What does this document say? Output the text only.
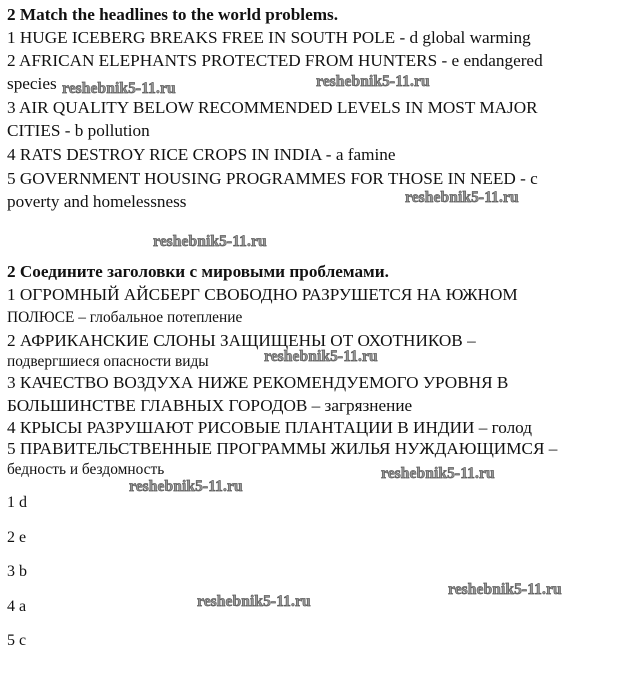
2 Match the headlines to the world problems.
1 HUGE ICEBERG BREAKS FREE IN SOUTH POLE - d global warming
2 AFRICAN ELEPHANTS PROTECTED FROM HUNTERS - e endangered
species
3 AIR QUALITY BELOW RECOMMENDED LEVELS IN MOST MAJOR
CITIES - b pollution
4 RATS DESTROY RICE CROPS IN INDIA - a famine
5 GOVERNMENT HOUSING PROGRAMMES FOR THOSE IN NEED - c
poverty and homelessness
2 Соедините заголовки с мировыми проблемами.
1 ОГРОМНЫЙ АЙСБЕРГ СВОБОДНО РАЗРУШЕТСЯ НА ЮЖНОМ
ПОЛЮСЕ – глобальное потепление
2 АФРИКАНСКИЕ СЛОНЫ ЗАЩИЩЕНЫ ОТ ОХОТНИКОВ –
подвергшиеся опасности виды
3 КАЧЕСТВО ВОЗДУХА НИЖЕ РЕКОМЕНДУЕМОГО УРОВНЯ В
БОЛЬШИНСТВЕ ГЛАВНЫХ ГОРОДОВ – загрязнение
4 КРЫСЫ РАЗРУШАЮТ РИСОВЫЕ ПЛАНТАЦИИ В ИНДИИ – голод
5 ПРАВИТЕЛЬСТВЕННЫЕ ПРОГРАММЫ ЖИЛЬЯ НУЖДАЮЩИМСЯ –
бедность и бездомность
1 d
2 e
3 b
4 a
5 c
reshebnik5-11.ru	reshebnik5-11.ru
reshebnik5-11.ru
reshebnik5-11.ru
reshebnik5-11.ru
reshebnik5-11.ru
reshebnik5-11.ru
reshebnik5-11.ru
reshebnik5-11.ru
